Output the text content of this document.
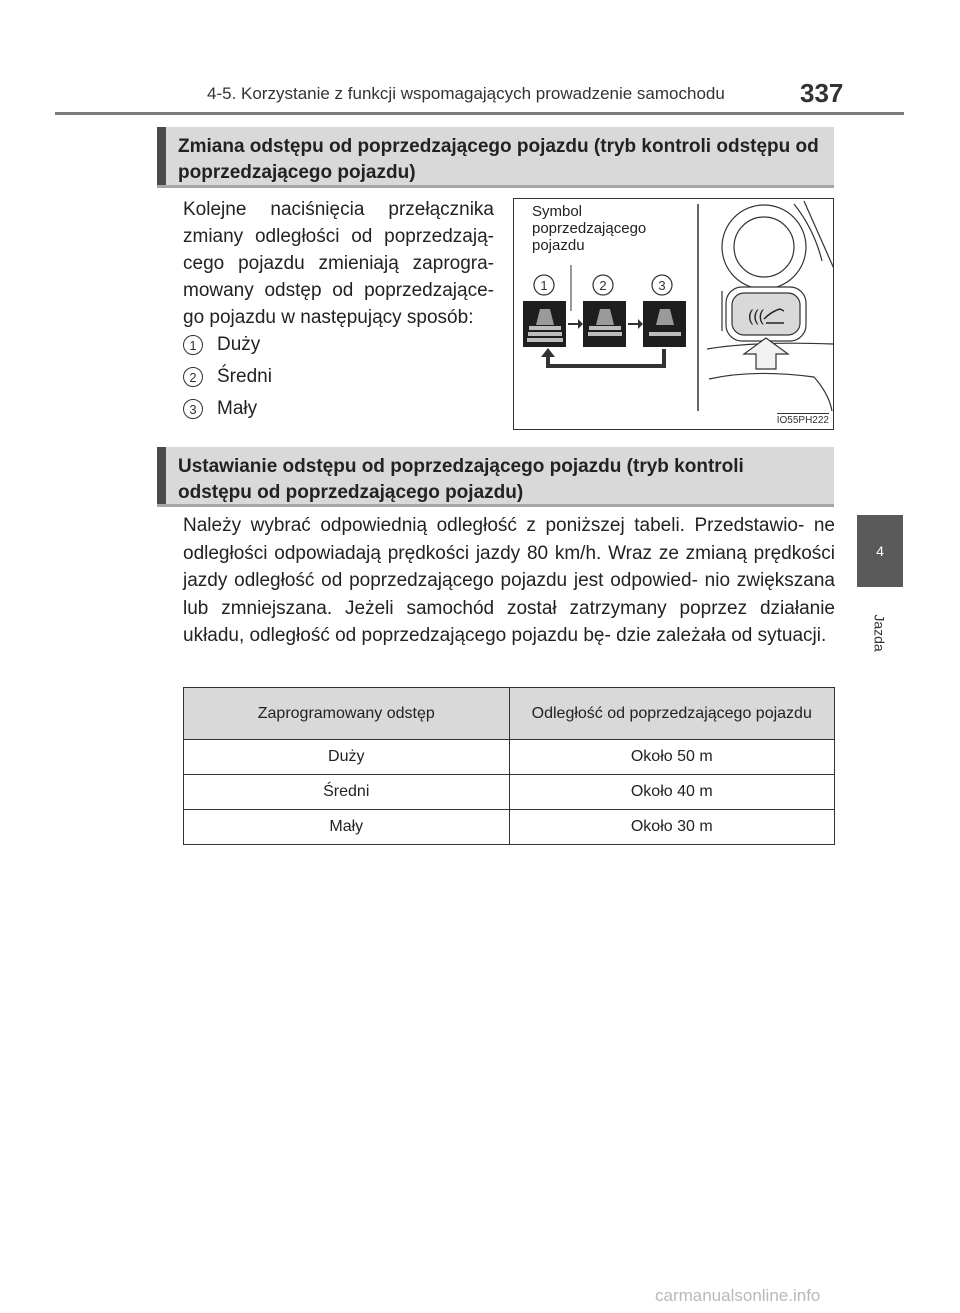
4-5. Korzystanie z funkcji wspomagających prowadzenie samochodu	337
4
Jazda
Zmiana odstępu od poprzedzającego pojazdu (tryb kontroli odstępu od poprzedzającego pojazdu)
Kolejne naciśnięcia przełącznika zmiany odległości od poprzedzają- cego pojazdu zmieniają zaprogra- mowany odstęp od poprzedzające- go pojazdu w następujący sposób:
1	Duży
2	Średni
3	Mały
1	2	3
(((
Symbol
poprzedzającego
pojazdu
IO55PH222
Ustawianie odstępu od poprzedzającego pojazdu (tryb kontroli odstępu od poprzedzającego pojazdu)
Należy wybrać odpowiednią odległość z poniższej tabeli. Przedstawio- ne odległości odpowiadają prędkości jazdy 80 km/h. Wraz ze zmianą prędkości jazdy odległość od poprzedzającego pojazdu jest odpowied- nio zwiększana lub zmniejszana. Jeżeli samochód został zatrzymany poprzez działanie układu, odległość od poprzedzającego pojazdu bę- dzie zależała od sytuacji.
Zaprogramowany odstęp	Odległość od poprzedzającego pojazdu
Duży	Około 50 m
Średni	Około 40 m
Mały	Około 30 m
carmanualsonline.info
